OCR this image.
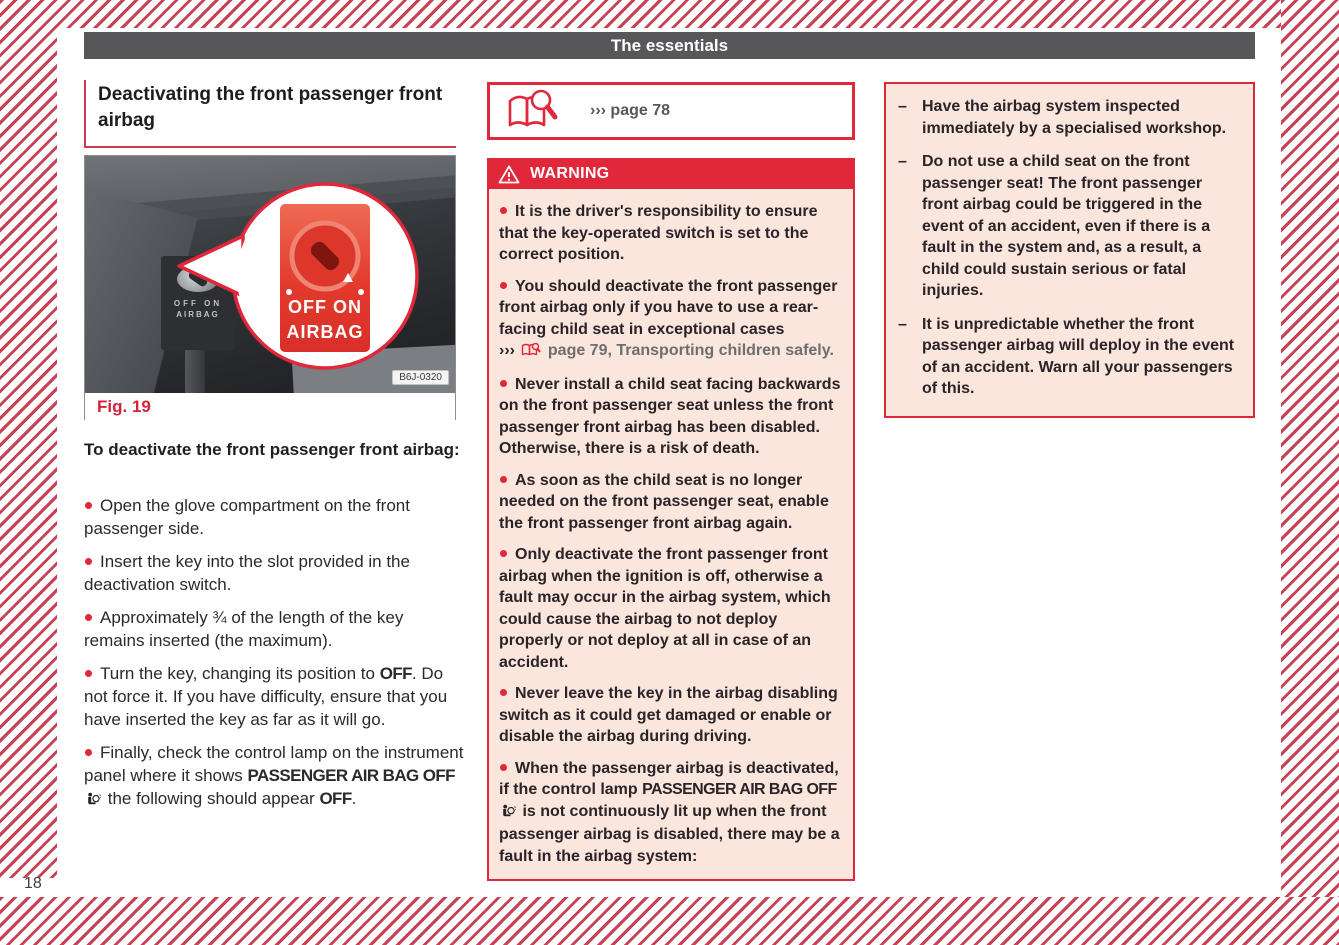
18
The essentials
Deactivating the front passenger front airbag
OFF ON
AIRBAG	OFF ON
AIRBAG
B6J-0320
Fig. 19
To deactivate the front passenger front airbag:

Open the glove compartment on the front passenger side.

Insert the key into the slot provided in the deactivation switch.

Approximately ¾ of the length of the key remains inserted (the maximum).

Turn the key, changing its position to OFF. Do not force it. If you have difficulty, ensure that you have inserted the key as far as it will go.

Finally, check the control lamp on the instrument panel where it shows PASSENGER AIR BAG OFF  the following should appear OFF.

››› page 78
WARNING

It is the driver's responsibility to ensure that the key-operated switch is set to the correct position.

You should deactivate the front passenger front airbag only if you have to use a rear-facing child seat in exceptional cases
›››  page 79, Transporting children safely.

Never install a child seat facing backwards on the front passenger seat unless the front passenger front airbag has been disabled. Otherwise, there is a risk of death.

As soon as the child seat is no longer needed on the front passenger seat, enable the front passenger front airbag again.

Only deactivate the front passenger front airbag when the ignition is off, otherwise a fault may occur in the airbag system, which could cause the airbag to not deploy properly or not deploy at all in case of an accident.

Never leave the key in the airbag disabling switch as it could get damaged or enable or disable the airbag during driving.

When the passenger airbag is deactivated, if the control lamp PASSENGER AIR BAG OFF  is not continuously lit up when the front passenger airbag is disabled, there may be a fault in the airbag system:

– Have the airbag system inspected immediately by a specialised workshop.
– Do not use a child seat on the front passenger seat! The front passenger front airbag could be triggered in the event of an accident, even if there is a fault in the system and, as a result, a child could sustain serious or fatal injuries.
– It is unpredictable whether the front passenger airbag will deploy in the event of an accident. Warn all your passengers of this.
